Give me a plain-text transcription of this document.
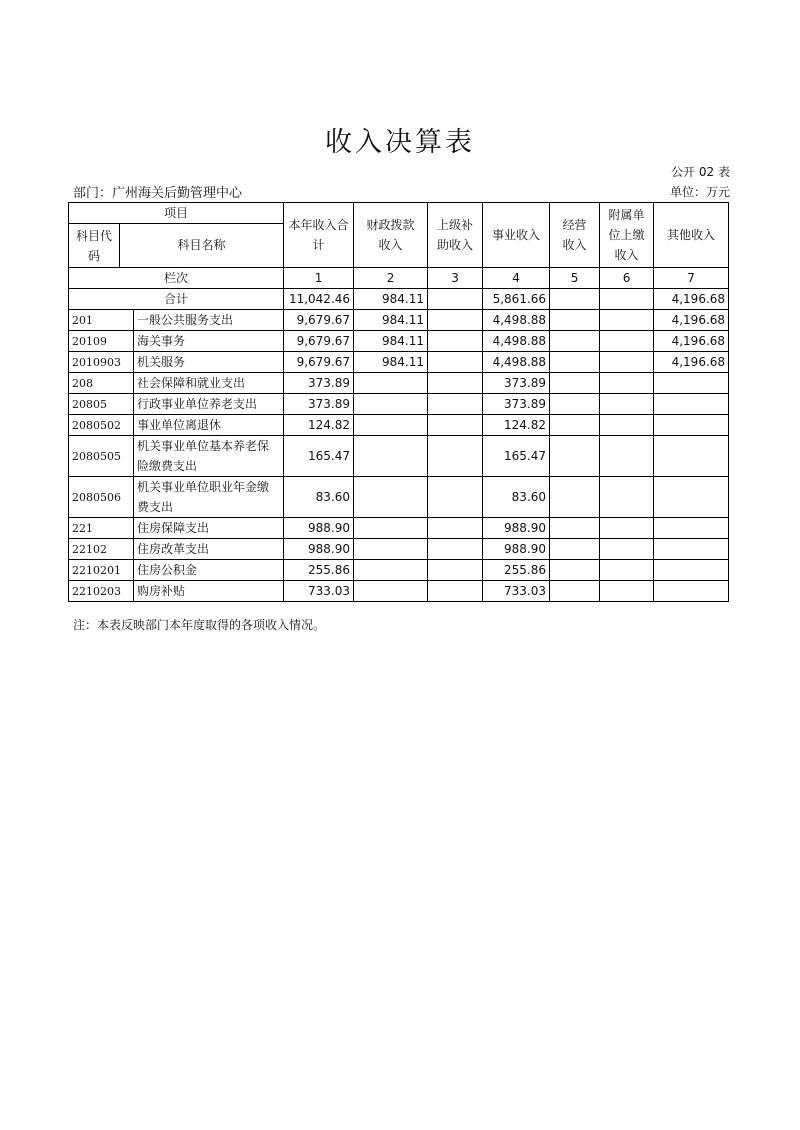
收入决算表
公开 02 表
部门：广州海关后勤管理中心	单位：万元
项目			本年收入合计	财政拨款收入	上级补助收入	事业收入	经营收入	附属单位上缴收入	其他收入

科目代码	科目名称								
栏次			1	2	3	4	5	6	7
合计			11,042.46	984.11		5,861.66			4,196.68
201		一般公共服务支出	9,679.67	984.11		4,498.88			4,196.68
20109		海关事务	9,679.67	984.11		4,498.88			4,196.68
2010903		机关服务	9,679.67	984.11		4,498.88			4,196.68
208		社会保障和就业支出	373.89			373.89			
20805		行政事业单位养老支出	373.89			373.89			
2080502		事业单位离退休	124.82			124.82			
2080505		机关事业单位基本养老保险缴费支出	165.47			165.47			
2080506		机关事业单位职业年金缴费支出	83.60			83.60			
221		住房保障支出	988.90			988.90			
22102		住房改革支出	988.90			988.90			
2210201		住房公积金	255.86			255.86			
2210203		购房补贴	733.03			733.03			
注：本表反映部门本年度取得的各项收入情况。
